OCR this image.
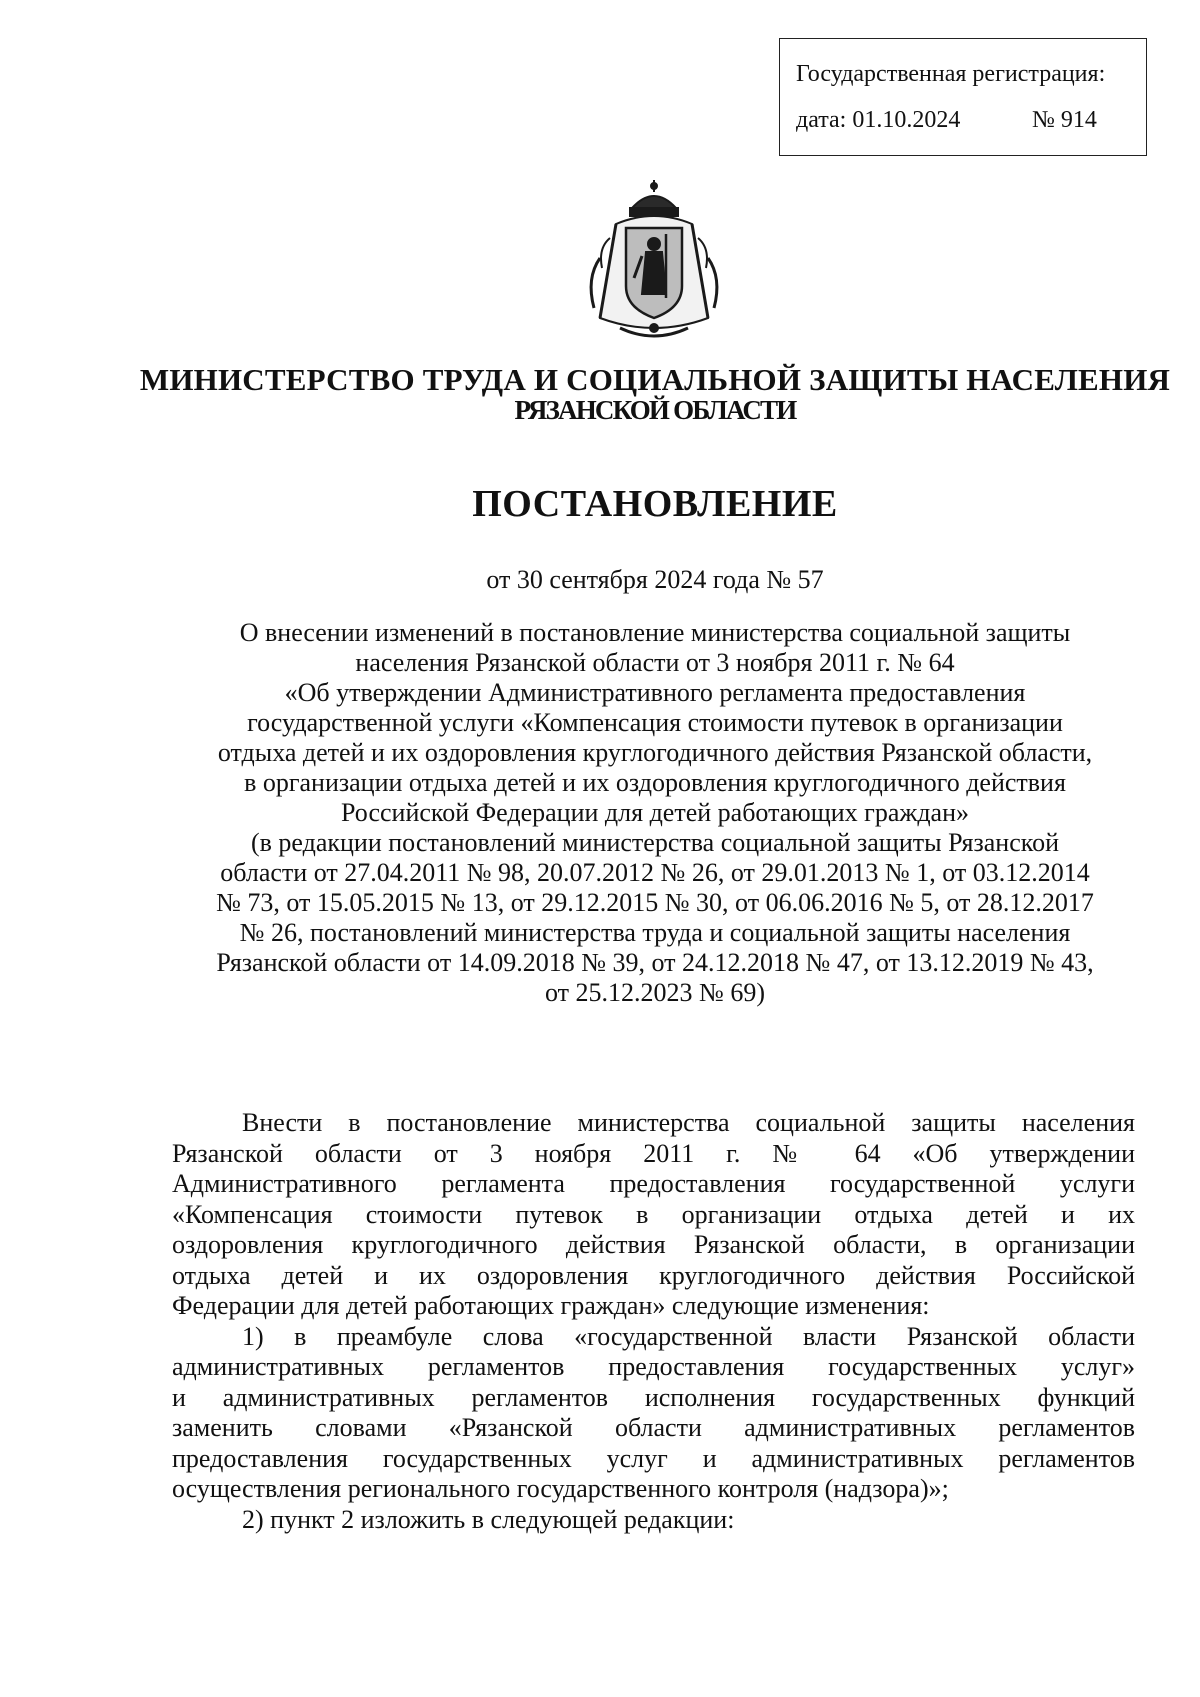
Государственная регистрация:
дата: 01.10.2024	№ 914
МИНИСТЕРСТВО ТРУДА И СОЦИАЛЬНОЙ ЗАЩИТЫ НАСЕЛЕНИЯ
РЯЗАНСКОЙ ОБЛАСТИ
ПОСТАНОВЛЕНИЕ
от 30 сентября 2024 года № 57
О внесении изменений в постановление министерства социальной защиты
населения Рязанской области от 3 ноября 2011 г. № 64
«Об утверждении Административного регламента предоставления
государственной услуги «Компенсация стоимости путевок в организации
отдыха детей и их оздоровления круглогодичного действия Рязанской области,
в организации отдыха детей и их оздоровления круглогодичного действия
Российской Федерации для детей работающих граждан»
(в редакции постановлений министерства социальной защиты Рязанской
области от 27.04.2011 № 98, 20.07.2012 № 26, от 29.01.2013 № 1, от 03.12.2014
№ 73, от 15.05.2015 № 13, от 29.12.2015 № 30, от 06.06.2016 № 5, от 28.12.2017
№ 26, постановлений министерства труда и социальной защиты населения
Рязанской области от 14.09.2018 № 39, от 24.12.2018 № 47, от 13.12.2019 № 43,
от 25.12.2023 № 69)
Внести в постановление министерства социальной защиты населения
Рязанской области от 3 ноября 2011 г. № 64 «Об утверждении
Административного регламента предоставления государственной услуги
«Компенсация стоимости путевок в организации отдыха детей и их
оздоровления круглогодичного действия Рязанской области, в организации
отдыха детей и их оздоровления круглогодичного действия Российской
Федерации для детей работающих граждан» следующие изменения:
1) в преамбуле слова «государственной власти Рязанской области
административных регламентов предоставления государственных услуг»
и административных регламентов исполнения государственных функций
заменить словами «Рязанской области административных регламентов
предоставления государственных услуг и административных регламентов
осуществления регионального государственного контроля (надзора)»;
2) пункт 2 изложить в следующей редакции:
